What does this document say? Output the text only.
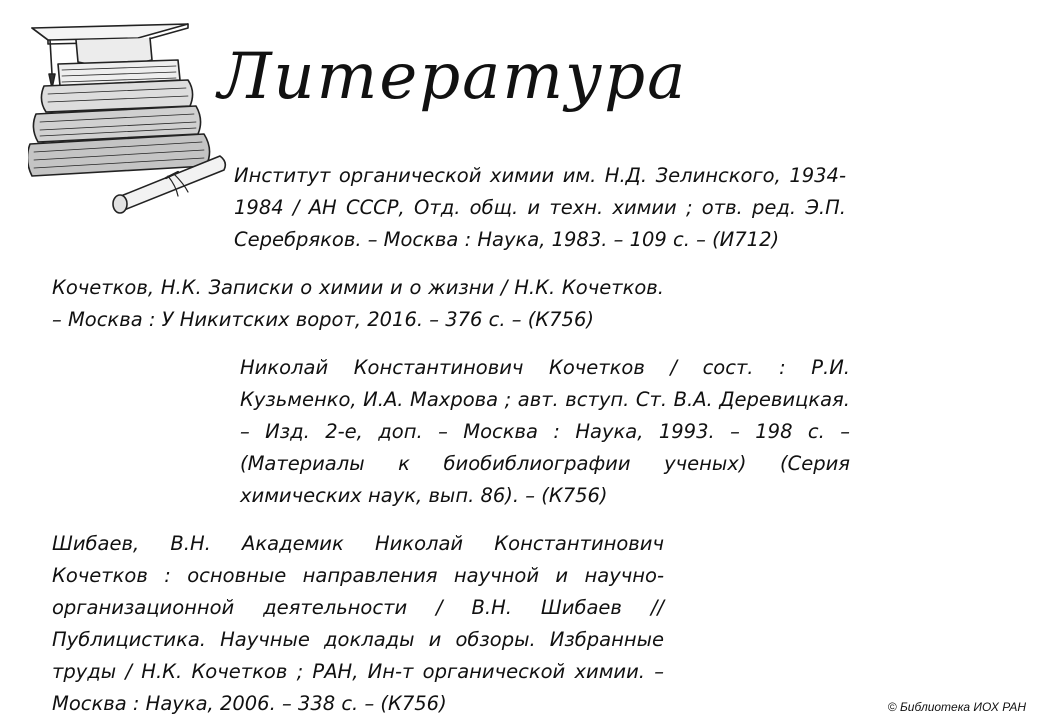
Литература
Институт органической химии им. Н.Д. Зелинского, 1934-1984 / АН СССР, Отд. общ. и техн. химии ; отв. ред. Э.П. Серебряков. – Москва : Наука, 1983. – 109 с. – (И712)
Кочетков, Н.К. Записки о химии и о жизни / Н.К. Кочетков. – Москва : У Никитских ворот, 2016. – 376 с. – (К756)
Николай Константинович Кочетков / сост. : Р.И. Кузьменко, И.А. Махрова ; авт. вступ. Ст. В.А. Деревицкая. – Изд. 2-е, доп. – Москва : Наука, 1993. – 198 с. – (Материалы к биобиблиографии ученых) (Серия химических наук, вып. 86). – (К756)
Шибаев, В.Н. Академик Николай Константинович Кочетков : основные направления научной и научно-организационной деятельности / В.Н. Шибаев // Публицистика. Научные доклады и обзоры. Избранные труды / Н.К. Кочетков ; РАН, Ин-т органической химии. – Москва : Наука, 2006. – 338 с. – (К756)	© Библиотека ИОХ РАН
